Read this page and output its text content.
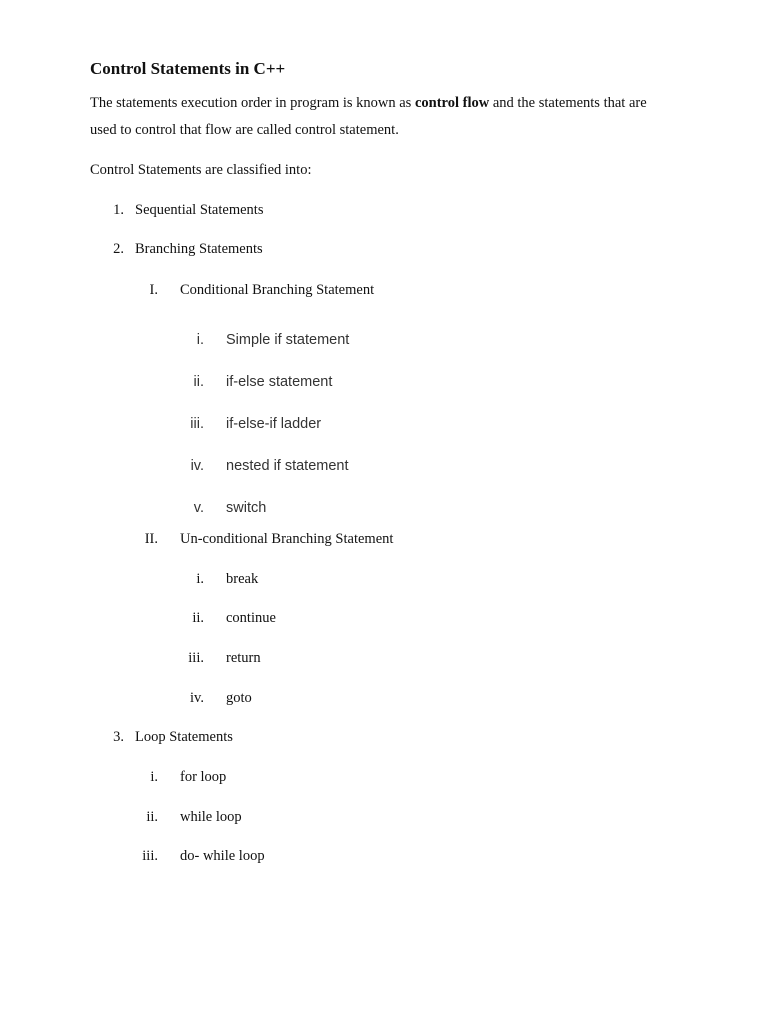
Control Statements in C++
The statements execution order in program is known as control flow and the statements that are
used to control that flow are called control statement.
Control Statements are classified into:
1. Sequential Statements
2. Branching Statements
I. Conditional Branching Statement
i. Simple if statement
ii. if-else statement
iii. if-else-if ladder
iv. nested if statement
v. switch
II. Un-conditional Branching Statement
i. break
ii. continue
iii. return
iv. goto
3. Loop Statements
i. for loop
ii. while loop
iii. do- while loop
